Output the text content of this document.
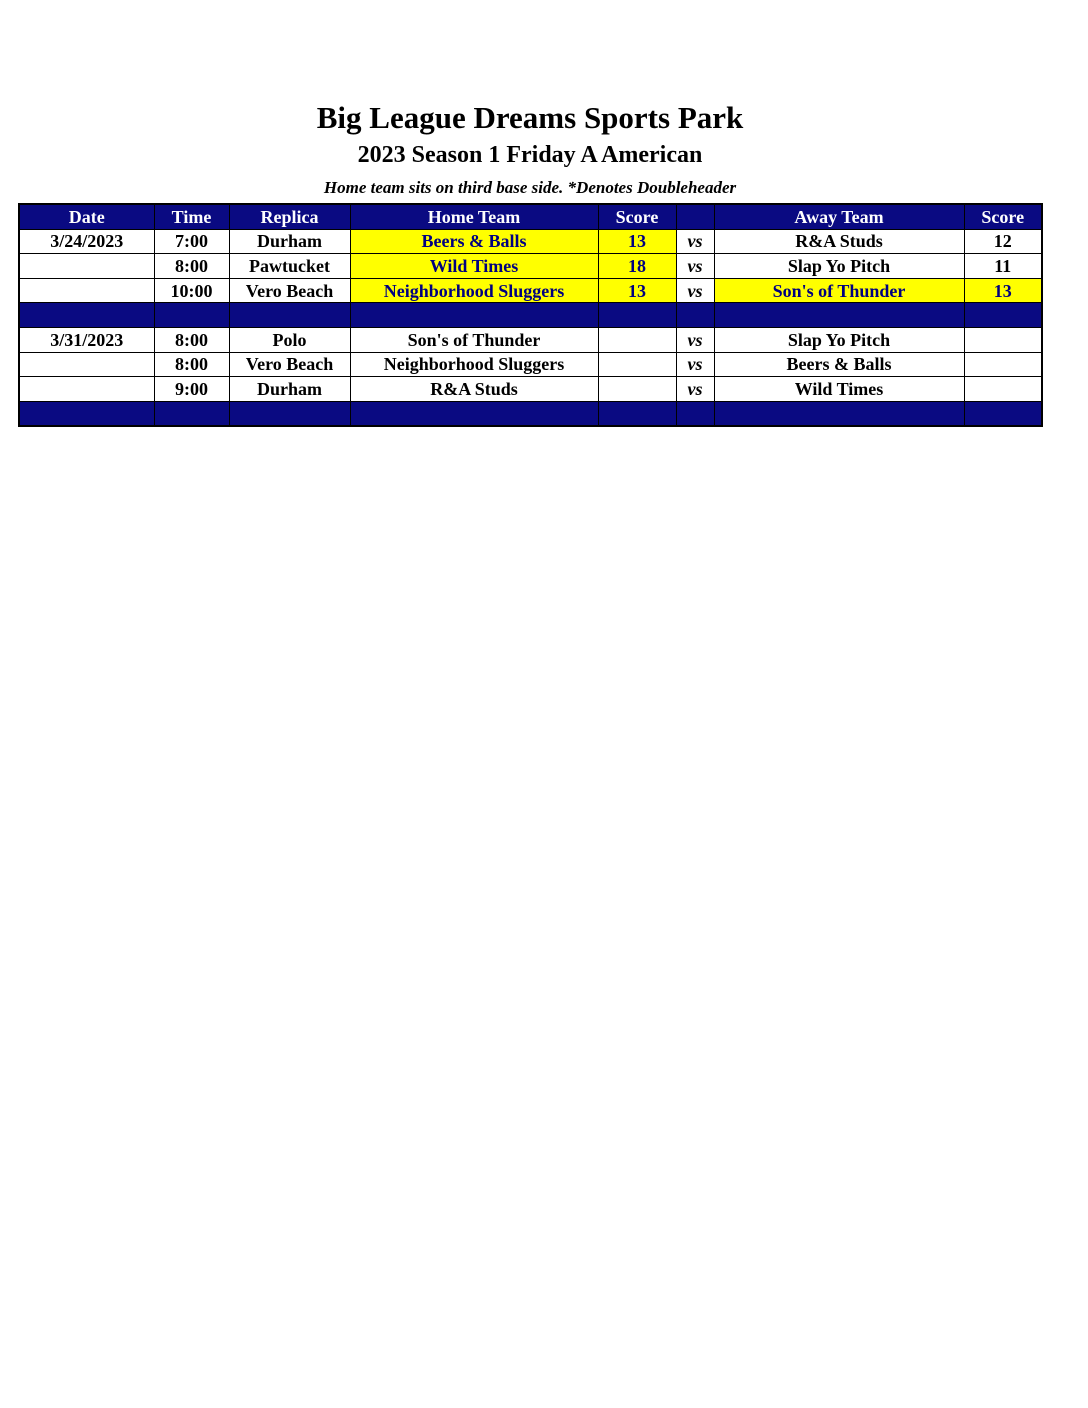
Big League Dreams Sports Park
2023 Season 1 Friday A American
Home team sits on third base side. *Denotes Doubleheader
Date	Time	Replica	Home Team	Score		Away Team	Score
3/24/2023	7:00	Durham	Beers & Balls	13	vs	R&A Studs	12
	8:00	Pawtucket	Wild Times	18	vs	Slap Yo Pitch	11
	10:00	Vero Beach	Neighborhood Sluggers	13	vs	Son's of Thunder	13

3/31/2023	8:00	Polo	Son's of Thunder		vs	Slap Yo Pitch	
	8:00	Vero Beach	Neighborhood Sluggers		vs	Beers & Balls	
	9:00	Durham	R&A Studs		vs	Wild Times	
